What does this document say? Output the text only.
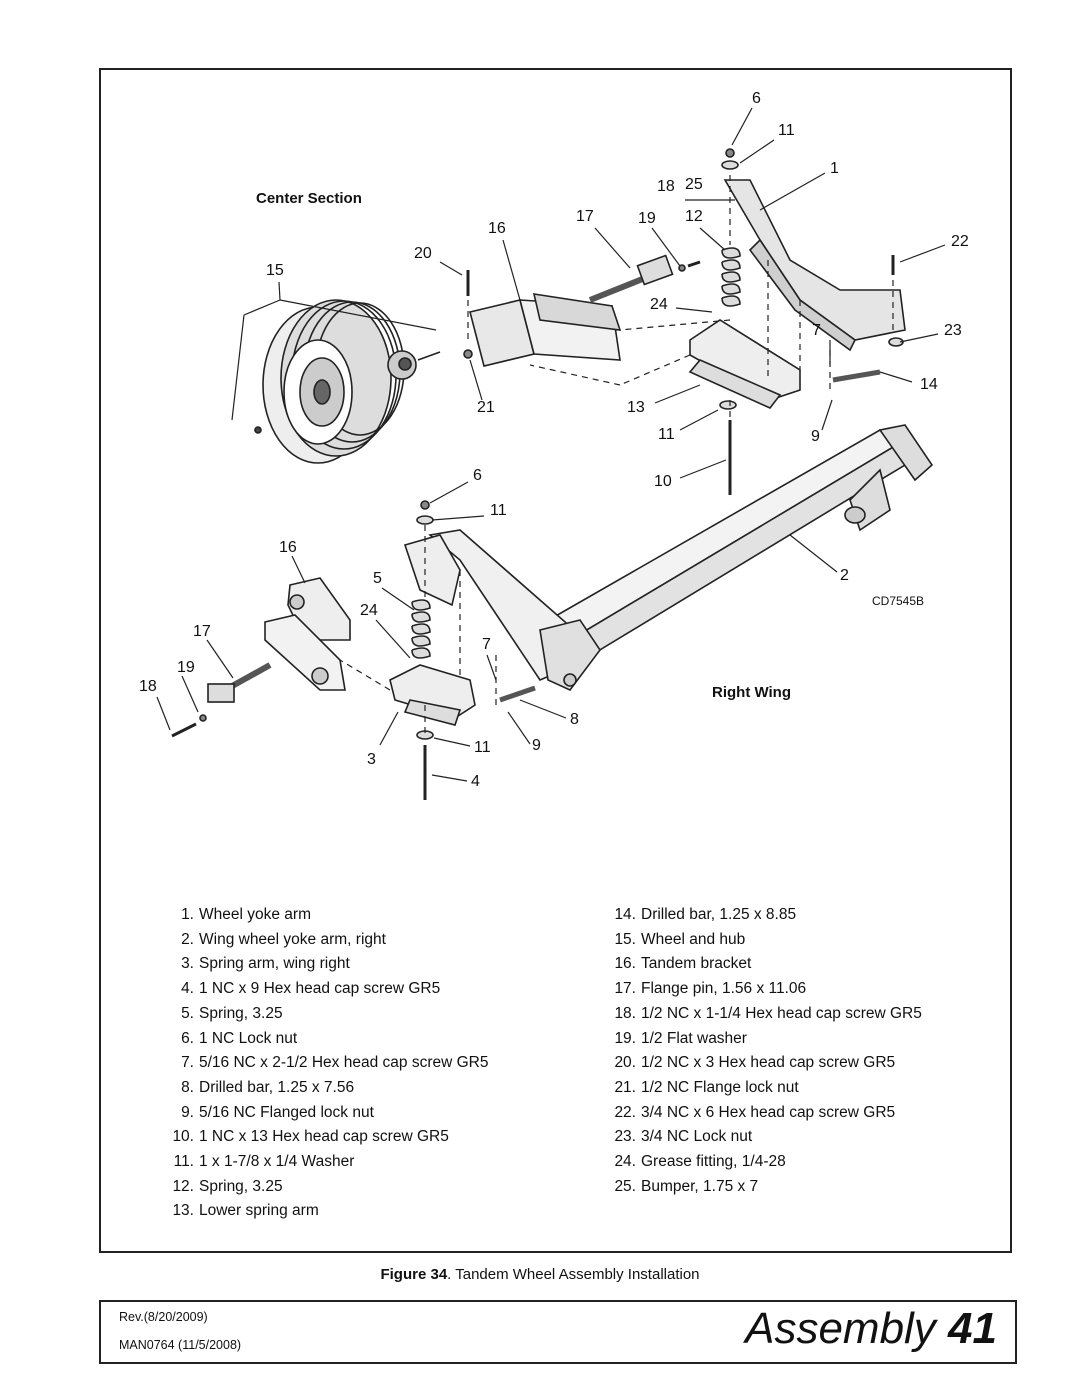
Center Section
Right Wing
CD7545B
6
11
1
18 25
16
17	19 12
22
20
15
24
7	23
14
21	13
11	9
10
6
11
16
5
24
17
7
19
18
8
2
3
11	9
4
1. Wheel yoke arm
2. Wing wheel yoke arm, right
3. Spring arm, wing right
4. 1 NC x 9 Hex head cap screw GR5
5. Spring, 3.25
6. 1 NC Lock nut
7. 5/16 NC x 2-1/2 Hex head cap screw GR5
8. Drilled bar, 1.25 x 7.56
9. 5/16 NC Flanged lock nut
10. 1 NC x 13 Hex head cap screw GR5
11. 1 x 1-7/8 x 1/4 Washer
12. Spring, 3.25
13. Lower spring arm
14. Drilled bar, 1.25 x 8.85
15. Wheel and hub
16. Tandem bracket
17. Flange pin, 1.56 x 11.06
18. 1/2 NC x 1-1/4 Hex head cap screw GR5
19. 1/2 Flat washer
20. 1/2 NC x 3 Hex head cap screw GR5
21. 1/2 NC Flange lock nut
22. 3/4 NC x 6 Hex head cap screw GR5
23. 3/4 NC Lock nut
24. Grease fitting, 1/4-28
25. Bumper, 1.75 x 7
Figure 34. Tandem Wheel Assembly Installation
Rev.(8/20/2009)
MAN0764 (11/5/2008)	Assembly 41
